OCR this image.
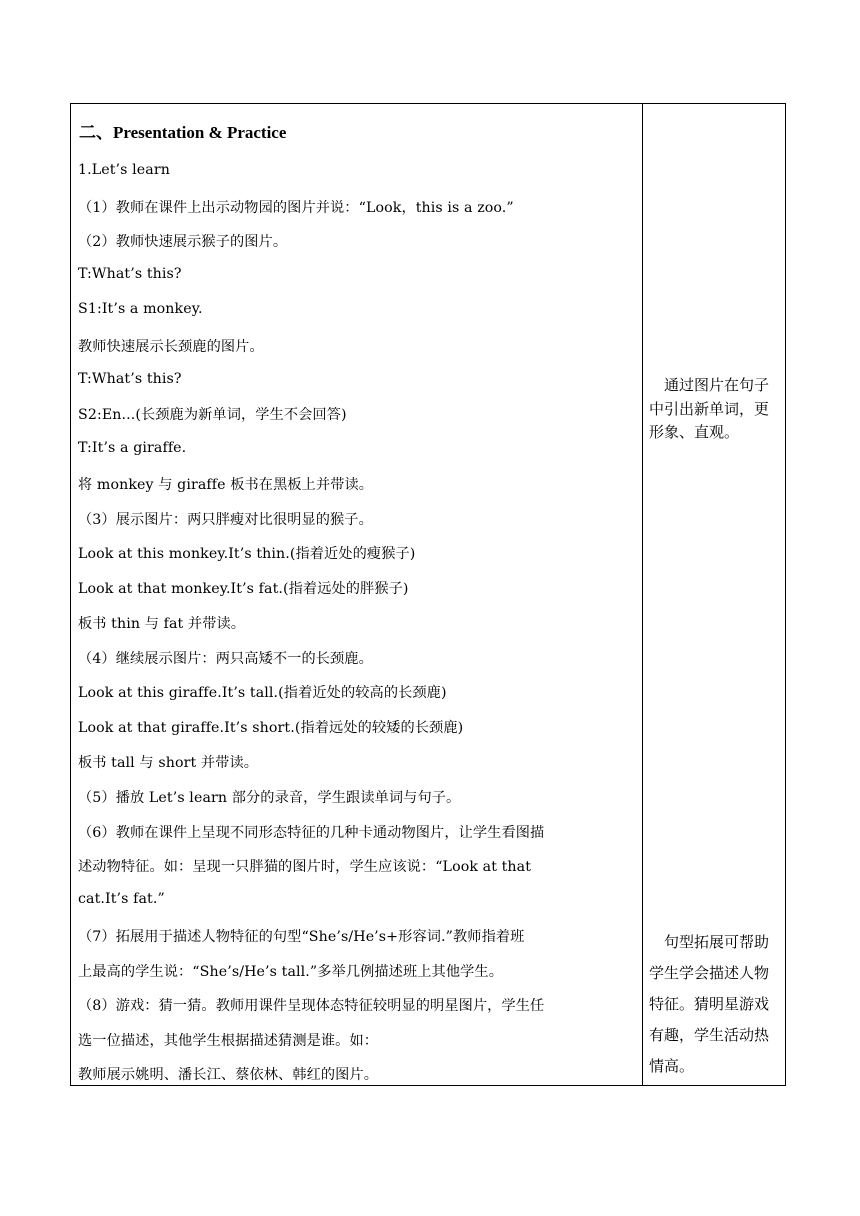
二、Presentation & Practice
1.Let’s learn
（1）教师在课件上出示动物园的图片并说：“Look，this is a zoo.”
（2）教师快速展示猴子的图片。
T:What’s this?
S1:It’s a monkey.
教师快速展示长颈鹿的图片。
T:What’s this?
S2:En...(长颈鹿为新单词，学生不会回答)
T:It’s a giraffe.
将 monkey 与 giraffe 板书在黑板上并带读。
（3）展示图片：两只胖瘦对比很明显的猴子。
Look at this monkey.It’s thin.(指着近处的瘦猴子)
Look at that monkey.It’s fat.(指着远处的胖猴子)
板书 thin 与 fat 并带读。
（4）继续展示图片：两只高矮不一的长颈鹿。
Look at this giraffe.It’s tall.(指着近处的较高的长颈鹿)
Look at that giraffe.It’s short.(指着远处的较矮的长颈鹿)
板书 tall 与 short 并带读。
（5）播放 Let’s learn 部分的录音，学生跟读单词与句子。
（6）教师在课件上呈现不同形态特征的几种卡通动物图片，让学生看图描
述动物特征。如：呈现一只胖猫的图片时，学生应该说：“Look at that
cat.It’s fat.”
（7）拓展用于描述人物特征的句型“She’s/He’s+形容词.”教师指着班
上最高的学生说：“She’s/He’s tall.”多举几例描述班上其他学生。
（8）游戏：猜一猜。教师用课件呈现体态特征较明显的明星图片，学生任
选一位描述，其他学生根据描述猜测是谁。如：
教师展示姚明、潘长江、蔡依林、韩红的图片。
通过图片在句子中引出新单词，更形象、直观。
句型拓展可帮助学生学会描述人物特征。猜明星游戏有趣，学生活动热情高。
